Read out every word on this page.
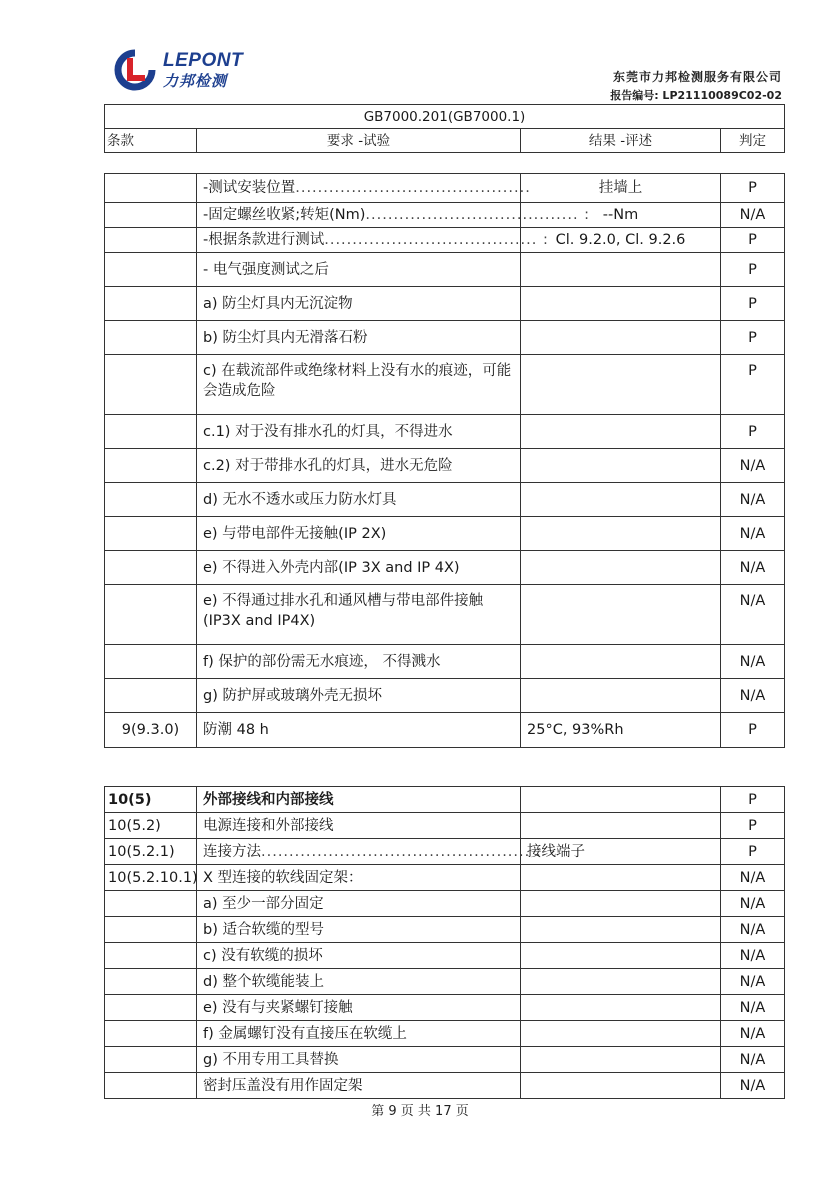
LEPONT
力邦检测	东莞市力邦检测服务有限公司
报告编号: LP21110089C02-02
GB7000.201(GB7000.1)
条款	要求 -试验	结果 -评述	判定

	-测试安装位置 ..........................................	挂墙上	P

	-固定螺丝收紧;转矩(Nm) ...................................... :	--Nm	N/A

	-根据条款进行测试 ...................................... :	Cl. 9.2.0, Cl. 9.2.6	P
	- 电气强度测试之后		P
	a) 防尘灯具内无沉淀物		P
	b) 防尘灯具内无滑落石粉		P
	c) 在载流部件或绝缘材料上没有水的痕迹，可能会造成危险		P
	c.1) 对于没有排水孔的灯具，不得进水		P
	c.2) 对于带排水孔的灯具，进水无危险		N/A
	d) 无水不透水或压力防水灯具		N/A
	e) 与带电部件无接触(IP 2X)		N/A
	e) 不得进入外壳内部(IP 3X and IP 4X)		N/A
	e) 不得通过排水孔和通风槽与带电部件接触(IP3X and IP4X)		N/A
	f) 保护的部份需无水痕迹， 不得溅水		N/A
	g) 防护屏或玻璃外壳无损坏		N/A
9(9.3.0)	防潮 48 h	25°C, 93%Rh	P
10(5)	外部接线和内部接线		P
10(5.2)	电源连接和外部接线		P
10(5.2.1)	连接方法 ................................................ :	接线端子	P
10(5.2.10.1)	X 型连接的软线固定架：		N/A
	a) 至少一部分固定		N/A
	b) 适合软缆的型号		N/A
	c) 没有软缆的损坏		N/A
	d) 整个软缆能装上		N/A
	e) 没有与夹紧螺钉接触		N/A
	f) 金属螺钉没有直接压在软缆上		N/A
	g) 不用专用工具替换		N/A
	密封压盖没有用作固定架		N/A
第 9 页 共 17 页
